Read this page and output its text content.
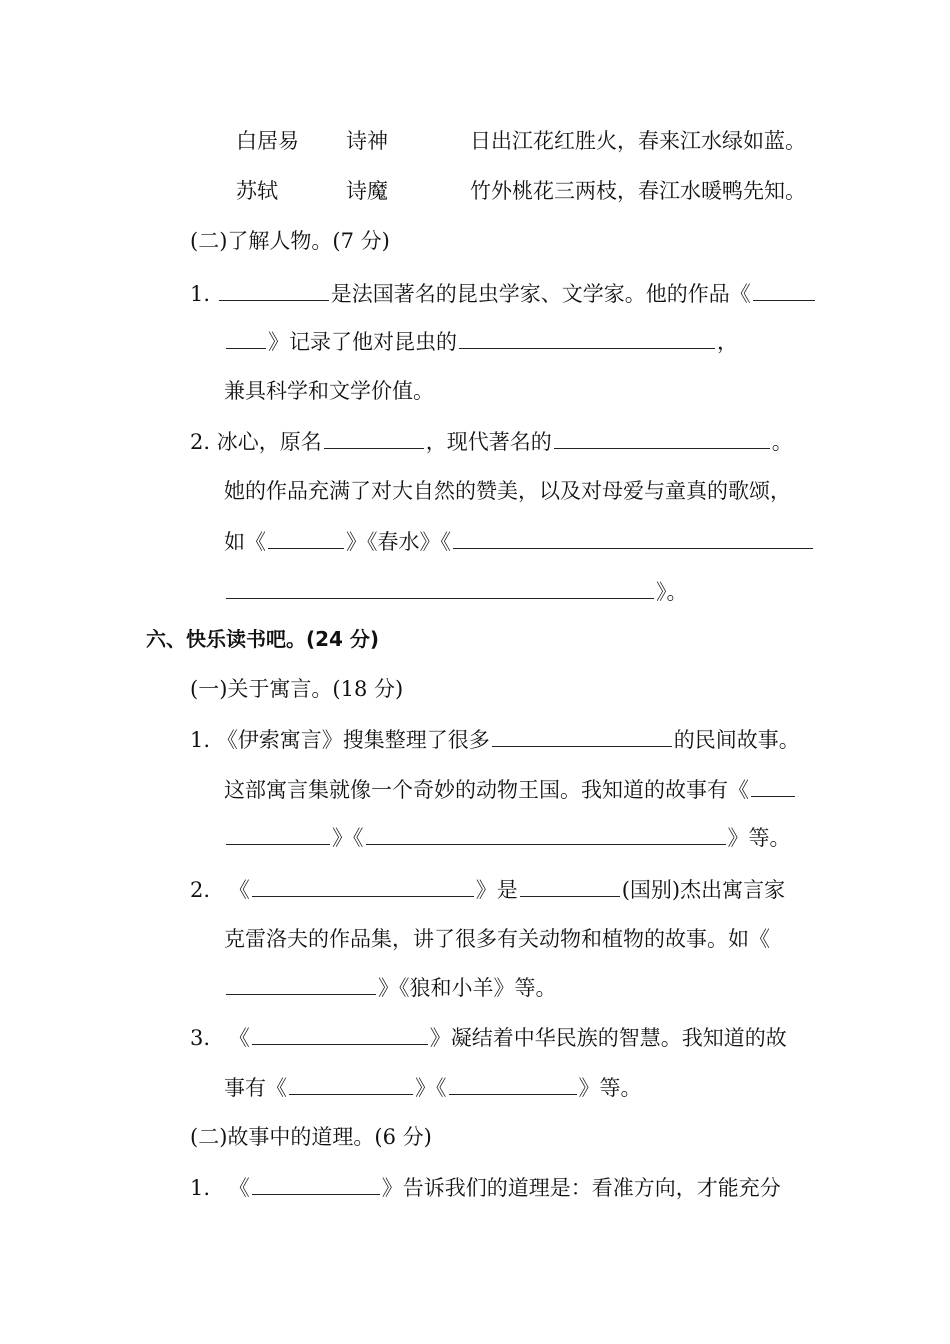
白居易 诗神	日出江花红胜火，春来江水绿如蓝。
苏轼	诗魔	竹外桃花三两枝，春江水暖鸭先知。
(二)了解人物。(7 分)
1.	是法国著名的昆虫学家、文学家。他的作品《
》记录了他对昆虫的	，
兼具科学和文学价值。
2. 冰心，原名	，现代著名的	。
她的作品充满了对大自然的赞美，以及对母爱与童真的歌颂，
如《	》《春水》《
》。
六、快乐读书吧。(24 分)
(一)关于寓言。(18 分)
1. 《伊索寓言》搜集整理了很多	的民间故事。
这部寓言集就像一个奇妙的动物王国。我知道的故事有《
》《	》等。
2. 《	》是	(国别)杰出寓言家
克雷洛夫的作品集，讲了很多有关动物和植物的故事。如《
》《狼和小羊》等。
3. 《	》凝结着中华民族的智慧。我知道的故
事有《	》《	》等。
(二)故事中的道理。(6 分)
1. 《	》告诉我们的道理是：看准方向，才能充分
